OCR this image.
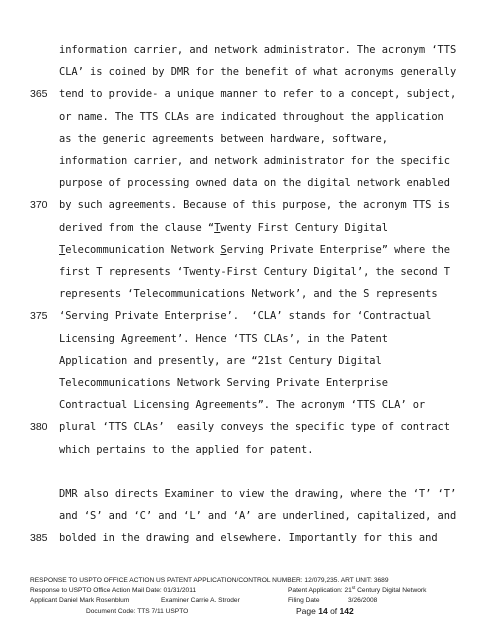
information carrier, and network administrator. The acronym ‘TTS
CLA’ is coined by DMR for the benefit of what acronyms generally
tend to provide- a unique manner to refer to a concept, subject,
365
or name. The TTS CLAs are indicated throughout the application
as the generic agreements between hardware, software,
information carrier, and network administrator for the specific
purpose of processing owned data on the digital network enabled
by such agreements. Because of this purpose, the acronym TTS is
370
derived from the clause “Twenty First Century Digital
Telecommunication Network Serving Private Enterprise” where the
first T represents ‘Twenty-First Century Digital’, the second T
represents ‘Telecommunications Network’, and the S represents
‘Serving Private Enterprise’.  ‘CLA’ stands for ‘Contractual
375
Licensing Agreement’. Hence ‘TTS CLAs’, in the Patent
Application and presently, are “21st Century Digital
Telecommunications Network Serving Private Enterprise
Contractual Licensing Agreements”. The acronym ‘TTS CLA’ or
plural ‘TTS CLAs’  easily conveys the specific type of contract
380
which pertains to the applied for patent.
DMR also directs Examiner to view the drawing, where the ‘T’ ‘T’
and ‘S’ and ‘C’ and ‘L’ and ‘A’ are underlined, capitalized, and
bolded in the drawing and elsewhere. Importantly for this and
385
RESPONSE TO USPTO OFFICE ACTION US PATENT APPLICATION/CONTROL NUMBER: 12/079,235. ART UNIT: 3689
Response to USPTO Office Action Mail Date: 01/31/2011	Patent Application: 21st Century Digital Network
Applicant Daniel Mark Rosenblum	Examiner Carrie A. Stroder	Filing Date	3/26/2008
Document Code: TTS 7/11 USPTO	Page 14 of 142
